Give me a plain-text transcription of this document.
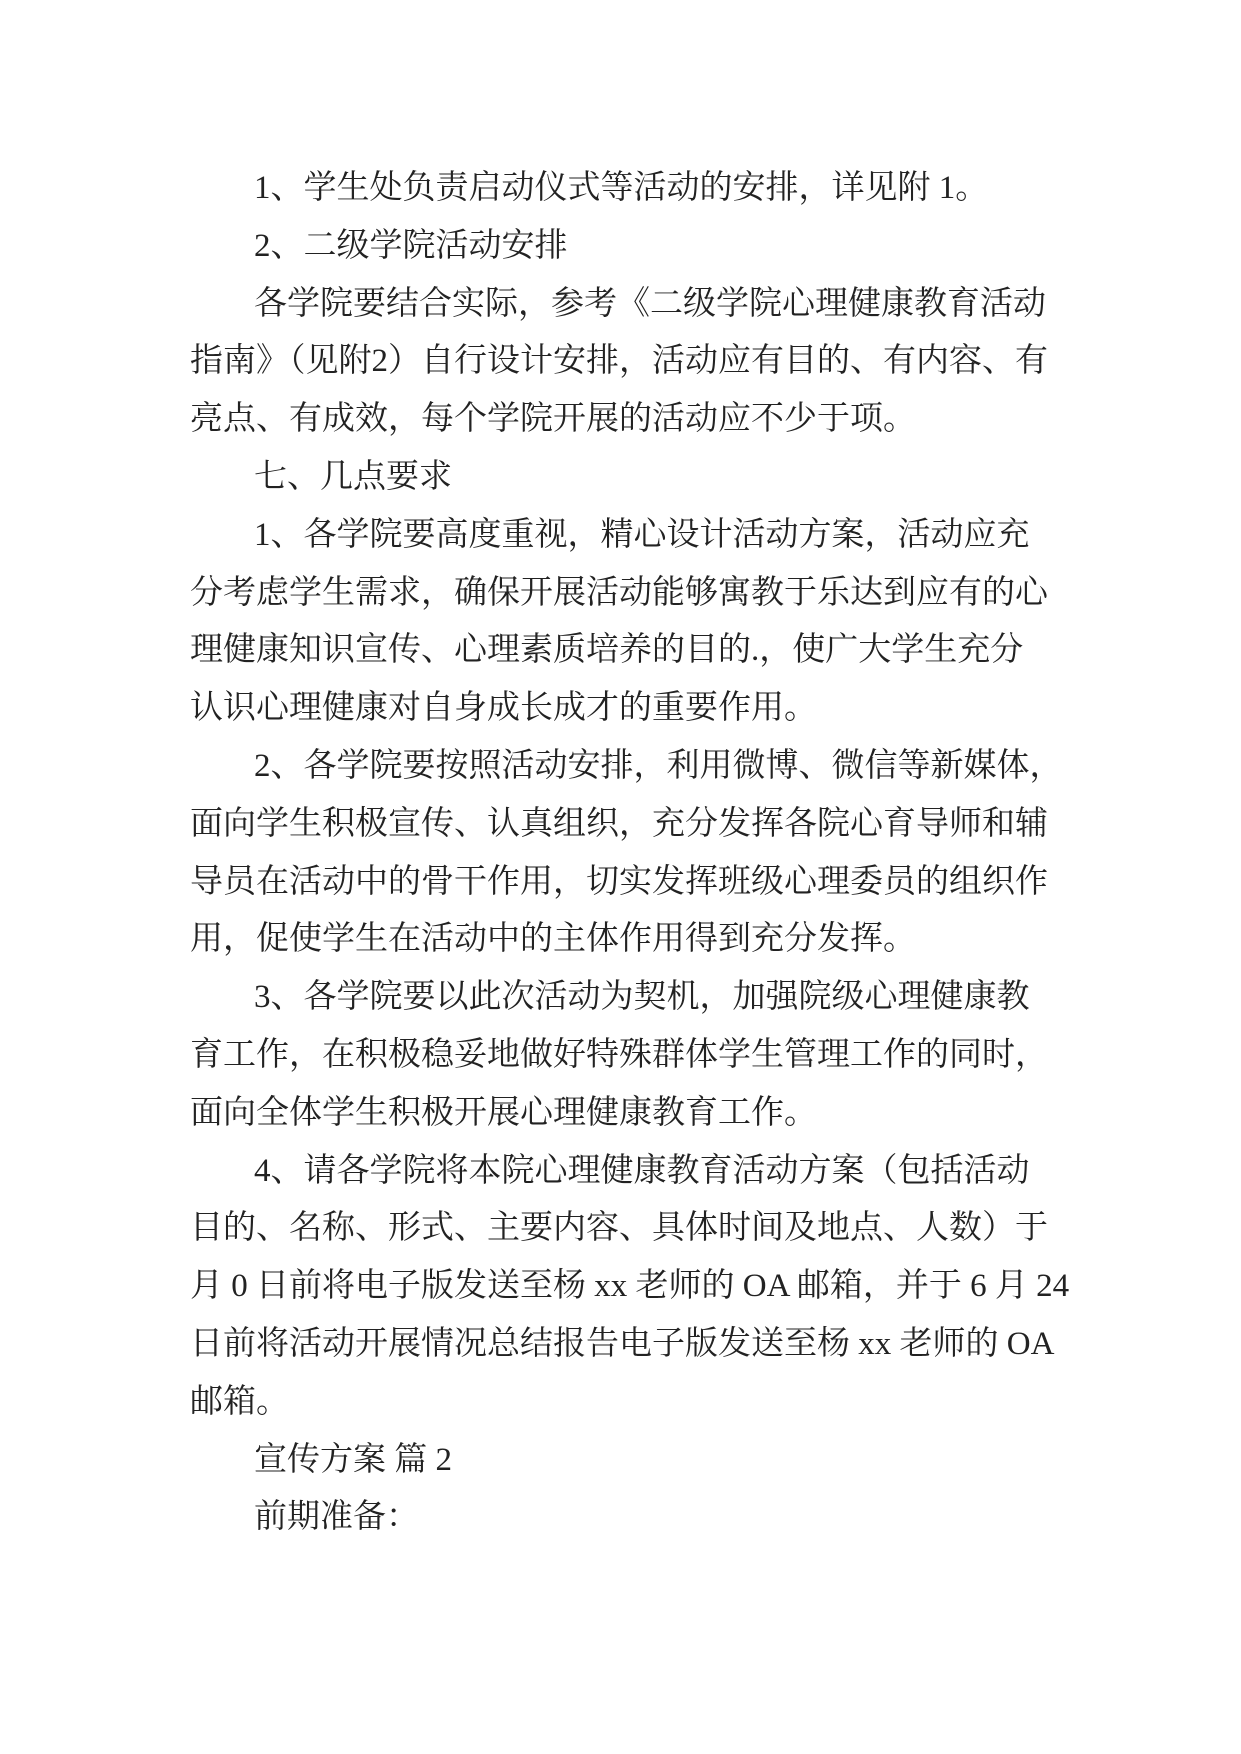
1、学生处负责启动仪式等活动的安排，详见附 1。
2、二级学院活动安排
各学院要结合实际，参考《二级学院心理健康教育活动
指南》（见附2）自行设计安排，活动应有目的、有内容、有
亮点、有成效，每个学院开展的活动应不少于项。
七、几点要求
1、各学院要高度重视，精心设计活动方案，活动应充
分考虑学生需求，确保开展活动能够寓教于乐达到应有的心
理健康知识宣传、心理素质培养的目的.，使广大学生充分
认识心理健康对自身成长成才的重要作用。
2、各学院要按照活动安排，利用微博、微信等新媒体，
面向学生积极宣传、认真组织，充分发挥各院心育导师和辅
导员在活动中的骨干作用，切实发挥班级心理委员的组织作
用，促使学生在活动中的主体作用得到充分发挥。
3、各学院要以此次活动为契机，加强院级心理健康教
育工作，在积极稳妥地做好特殊群体学生管理工作的同时，
面向全体学生积极开展心理健康教育工作。
4、请各学院将本院心理健康教育活动方案（包括活动
目的、名称、形式、主要内容、具体时间及地点、人数）于
月 0 日前将电子版发送至杨 xx 老师的 OA 邮箱，并于 6 月 24
日前将活动开展情况总结报告电子版发送至杨 xx 老师的 OA
邮箱。
宣传方案 篇 2
前期准备：
